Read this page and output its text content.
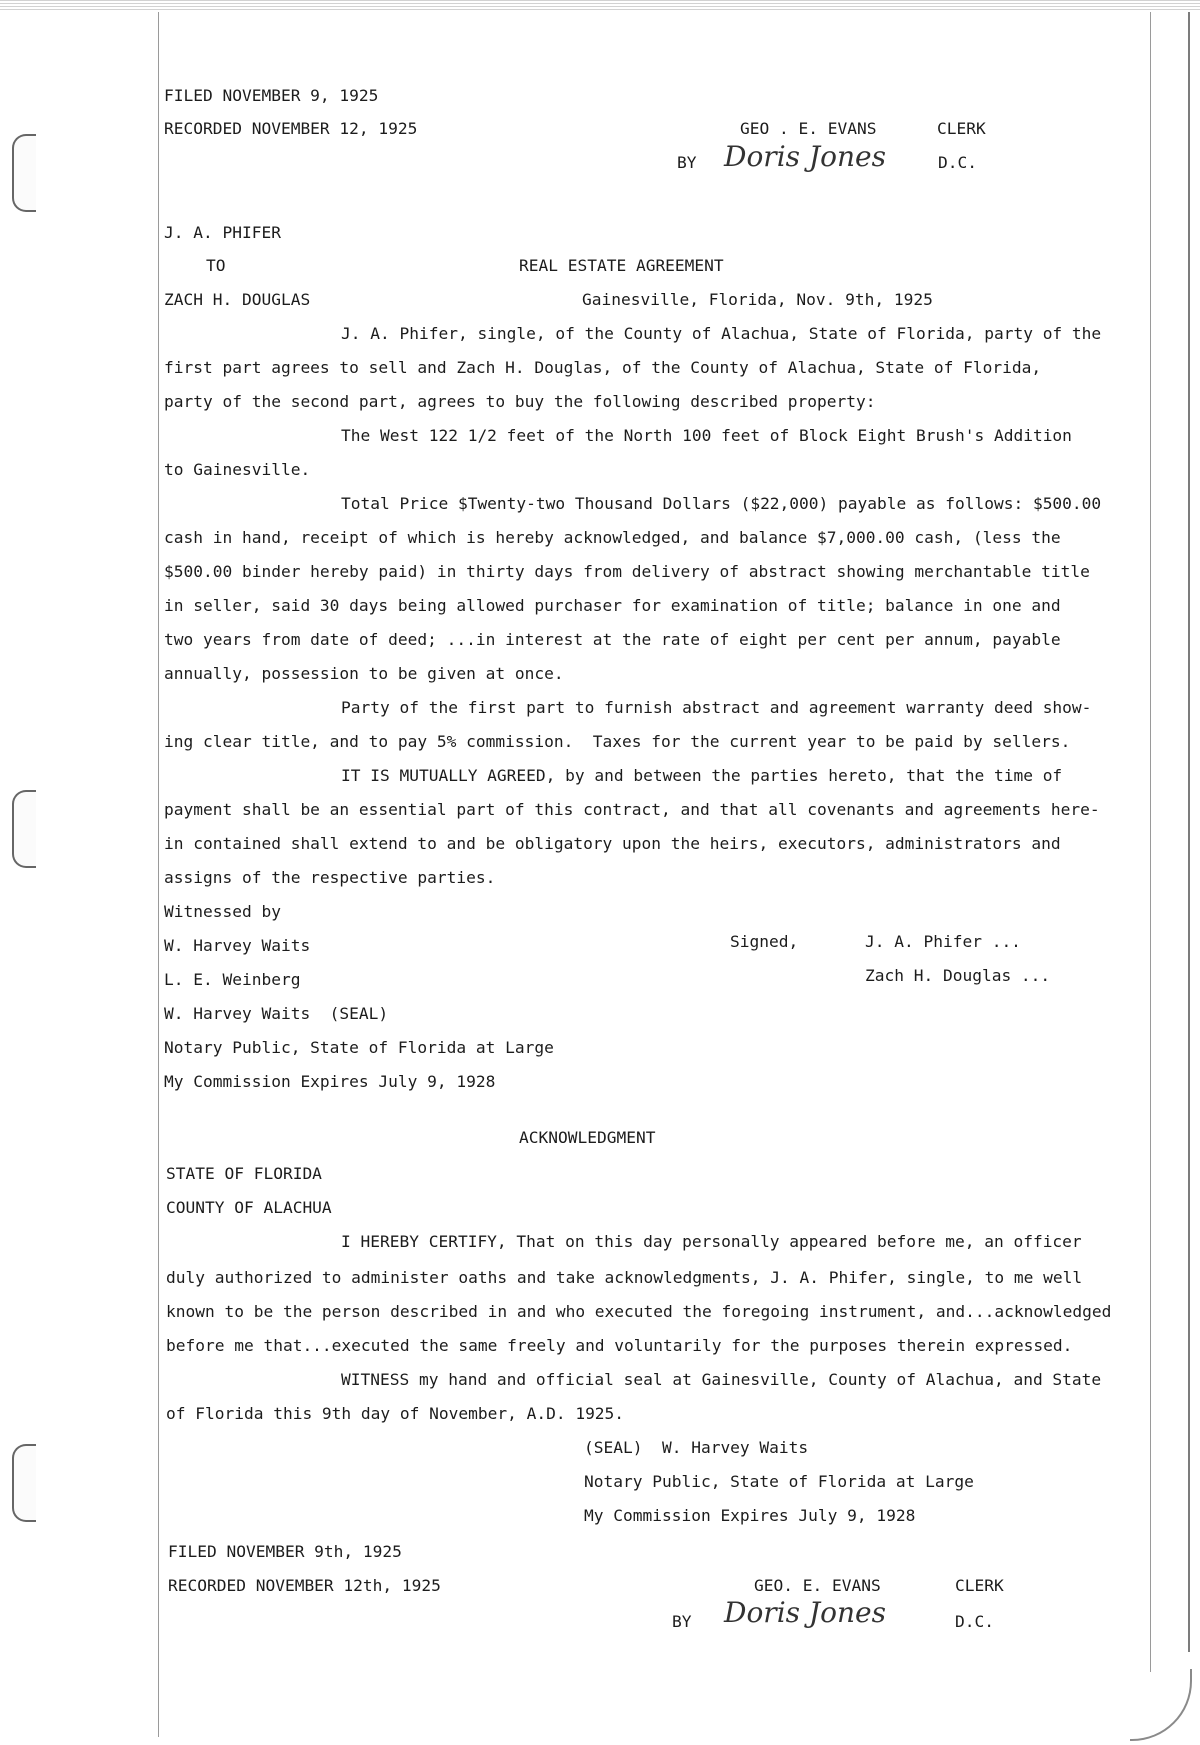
FILED NOVEMBER 9, 1925
RECORDED NOVEMBER 12, 1925	GEO . E. EVANS	CLERK
BY Doris Jones	D.C.
J. A. PHIFER
TO	REAL ESTATE AGREEMENT
ZACH H. DOUGLAS	Gainesville, Florida, Nov. 9th, 1925
J. A. Phifer, single, of the County of Alachua, State of Florida, party of the
first part agrees to sell and Zach H. Douglas, of the County of Alachua, State of Florida,
party of the second part, agrees to buy the following described property:
The West 122 1/2 feet of the North 100 feet of Block Eight Brush's Addition
to Gainesville.
Total Price $Twenty-two Thousand Dollars ($22,000) payable as follows: $500.00
cash in hand, receipt of which is hereby acknowledged, and balance $7,000.00 cash, (less the
$500.00 binder hereby paid) in thirty days from delivery of abstract showing merchantable title
in seller, said 30 days being allowed purchaser for examination of title; balance in one and
two years from date of deed; ...in interest at the rate of eight per cent per annum, payable
annually, possession to be given at once.
Party of the first part to furnish abstract and agreement warranty deed show-
ing clear title, and to pay 5% commission.  Taxes for the current year to be paid by sellers.
IT IS MUTUALLY AGREED, by and between the parties hereto, that the time of
payment shall be an essential part of this contract, and that all covenants and agreements here-
in contained shall extend to and be obligatory upon the heirs, executors, administrators and
assigns of the respective parties.
Witnessed by
W. Harvey Waits	Signed,	J. A. Phifer ...
L. E. Weinberg	Zach H. Douglas ...
W. Harvey Waits  (SEAL)
Notary Public, State of Florida at Large
My Commission Expires July 9, 1928
ACKNOWLEDGMENT
STATE OF FLORIDA
COUNTY OF ALACHUA
I HEREBY CERTIFY, That on this day personally appeared before me, an officer
duly authorized to administer oaths and take acknowledgments, J. A. Phifer, single, to me well
known to be the person described in and who executed the foregoing instrument, and...acknowledged
before me that...executed the same freely and voluntarily for the purposes therein expressed.
WITNESS my hand and official seal at Gainesville, County of Alachua, and State
of Florida this 9th day of November, A.D. 1925.
(SEAL)  W. Harvey Waits
Notary Public, State of Florida at Large
My Commission Expires July 9, 1928
FILED NOVEMBER 9th, 1925
RECORDED NOVEMBER 12th, 1925	GEO. E. EVANS	CLERK
BY Doris Jones	D.C.
